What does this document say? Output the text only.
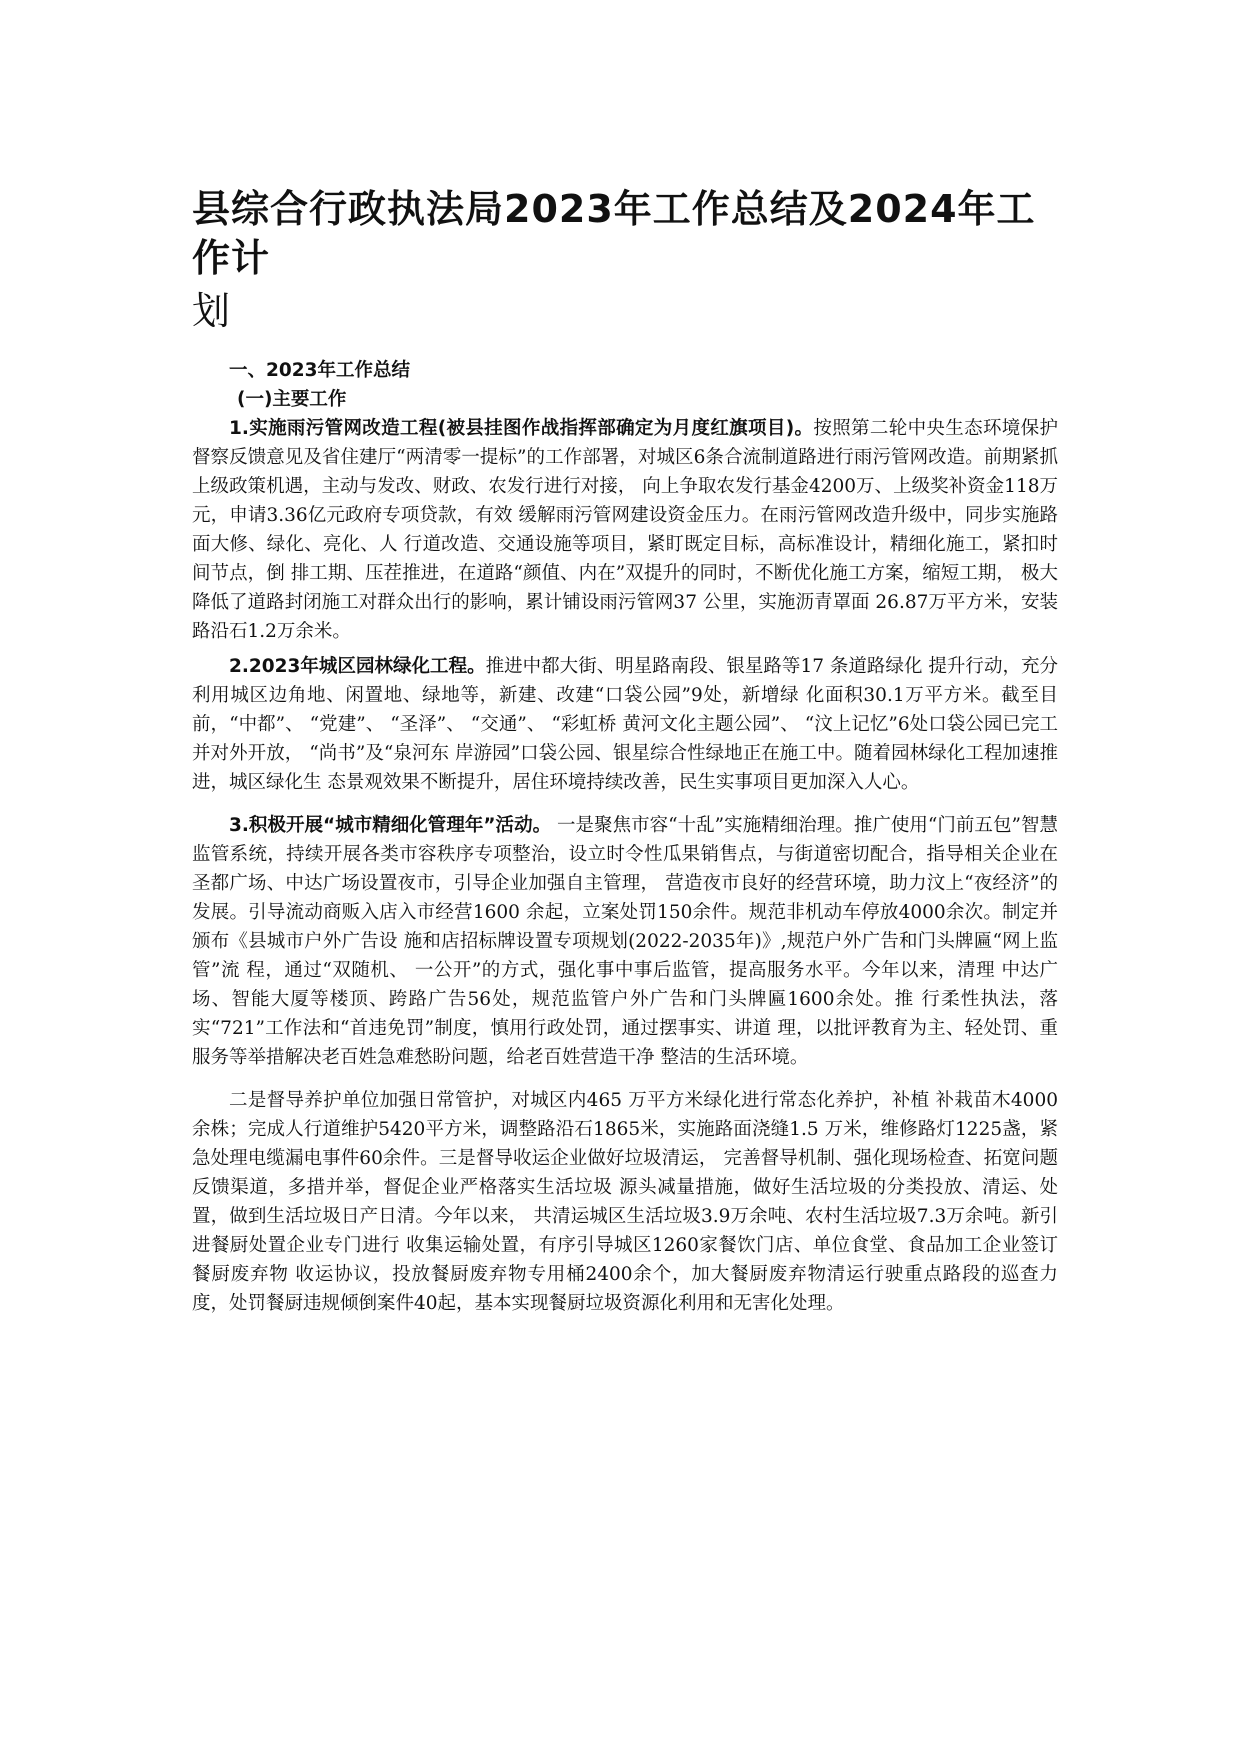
县综合行政执法局2023年工作总结及2024年工作计
划
一、2023年工作总结
(一)主要工作

1.实施雨污管网改造工程(被县挂图作战指挥部确定为月度红旗项目)。按照第二轮中央生态环境保护督察反馈意见及省住建厅“两清零一提标”的工作部署，对城区6条合流制道路进行雨污管网改造。前期紧抓上级政策机遇，主动与发改、财政、农发行进行对接， 向上争取农发行基金4200万、上级奖补资金118万元，申请3.36亿元政府专项贷款，有效 缓解雨污管网建设资金压力。在雨污管网改造升级中，同步实施路面大修、绿化、亮化、人 行道改造、交通设施等项目，紧盯既定目标，高标准设计，精细化施工，紧扣时间节点，倒 排工期、压茬推进，在道路“颜值、内在”双提升的同时，不断优化施工方案，缩短工期， 极大降低了道路封闭施工对群众出行的影响，累计铺设雨污管网37 公里，实施沥青罩面 26.87万平方米，安装路沿石1.2万余米。

2.2023年城区园林绿化工程。推进中都大街、明星路南段、银星路等17 条道路绿化 提升行动，充分利用城区边角地、闲置地、绿地等，新建、改建“口袋公园”9处，新增绿 化面积30.1万平方米。截至目前，“中都”、 “党建”、 “圣泽”、 “交通”、 “彩虹桥 黄河文化主题公园”、 “汶上记忆”6处口袋公园已完工并对外开放， “尚书”及“泉河东 岸游园”口袋公园、银星综合性绿地正在施工中。随着园林绿化工程加速推进，城区绿化生 态景观效果不断提升，居住环境持续改善，民生实事项目更加深入人心。

3.积极开展“城市精细化管理年”活动。 一是聚焦市容“十乱”实施精细治理。推广使用“门前五包”智慧监管系统，持续开展各类市容秩序专项整治，设立时令性瓜果销售点，与街道密切配合，指导相关企业在圣都广场、中达广场设置夜市，引导企业加强自主管理， 营造夜市良好的经营环境，助力汶上“夜经济”的发展。引导流动商贩入店入市经营1600 余起，立案处罚150余件。规范非机动车停放4000余次。制定并颁布《县城市户外广告设 施和店招标牌设置专项规划(2022-2035年)》,规范户外广告和门头牌匾“网上监管”流 程，通过“双随机、 一公开”的方式，强化事中事后监管，提高服务水平。今年以来，清理 中达广场、智能大厦等楼顶、跨路广告56处，规范监管户外广告和门头牌匾1600余处。推 行柔性执法，落实“721”工作法和“首违免罚”制度，慎用行政处罚，通过摆事实、讲道 理，以批评教育为主、轻处罚、重服务等举措解决老百姓急难愁盼问题，给老百姓营造干净 整洁的生活环境。

二是督导养护单位加强日常管护，对城区内465 万平方米绿化进行常态化养护，补植 补栽苗木4000余株；完成人行道维护5420平方米，调整路沿石1865米，实施路面浇缝1.5 万米，维修路灯1225盏，紧急处理电缆漏电事件60余件。三是督导收运企业做好垃圾清运， 完善督导机制、强化现场检查、拓宽问题反馈渠道，多措并举，督促企业严格落实生活垃圾 源头减量措施，做好生活垃圾的分类投放、清运、处置，做到生活垃圾日产日清。今年以来， 共清运城区生活垃圾3.9万余吨、农村生活垃圾7.3万余吨。新引进餐厨处置企业专门进行 收集运输处置，有序引导城区1260家餐饮门店、单位食堂、食品加工企业签订餐厨废弃物 收运协议，投放餐厨废弃物专用桶2400余个，加大餐厨废弃物清运行驶重点路段的巡查力 度，处罚餐厨违规倾倒案件40起，基本实现餐厨垃圾资源化利用和无害化处理。
